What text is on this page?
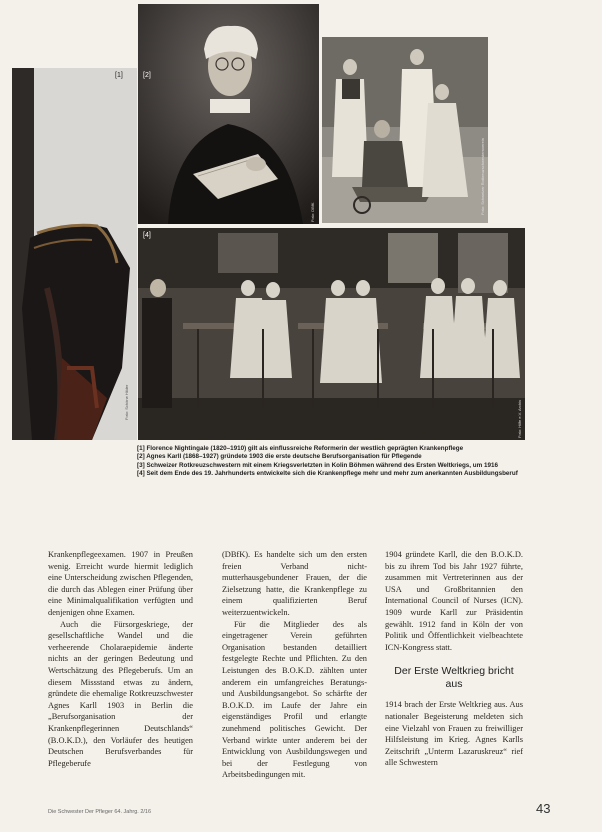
[1]
Foto: Schöne Hilder
[2]
Foto: DBfK	Foto: Schweizer Rotkreuzschwesternverein
[4]
Foto: Hilfe e.V. Archiv

[1] Florence Nightingale (1820–1910) gilt als einflussreiche Reformerin der westlich geprägten Krankenpflege

[2] Agnes Karll (1868–1927) gründete 1903 die erste deutsche Berufsorganisation für Pflegende

[3] Schweizer Rotkreuzschwestern mit einem Kriegsverletzten in Kolin Böhmen während des Ersten Weltkriegs, um 1916

[4] Seit dem Ende des 19. Jahrhunderts entwickelte sich die Krankenpflege mehr und mehr zum anerkannten Ausbildungsberuf

Krankenpflegeexamen. 1907 in Preußen wenig. Erreicht wurde hiermit lediglich eine Unterscheidung zwischen Pflegenden, die durch das Ablegen einer Prüfung über eine Minimalqualifikation verfügten und denjenigen ohne Examen.

Auch die Fürsorgeskriege, der gesellschaftliche Wandel und die verheerende Cholaraepidemie änderte nichts an der geringen Bedeutung und Wertschätzung des Pflegeberufs. Um an diesem Missstand etwas zu ändern, gründete die ehemalige Rotkreuzschwester Agnes Karll 1903 in Berlin die „Berufsorganisation der Krankenpflegerinnen Deutschlands“ (B.O.K.D.), den Vorläufer des heutigen Deutschen Berufsverbandes für Pflegeberufe

(DBfK). Es handelte sich um den ersten freien Verband nicht-mutterhausgebundener Frauen, der die Zielsetzung hatte, die Krankenpflege zu einem qualifizierten Beruf weiterzuentwickeln.

Für die Mitglieder des als eingetragener Verein geführten Organisation bestanden detailliert festgelegte Rechte und Pflichten. Zu den Leistungen des B.O.K.D. zählten unter anderem ein umfangreiches Beratungs- und Ausbildungsangebot. So schärfte der B.O.K.D. im Laufe der Jahre ein eigenständiges Profil und erlangte zunehmend politisches Gewicht. Der Verband wirkte unter anderem bei der Entwicklung von Ausbildungswegen und bei der Festlegung von Arbeitsbedingungen mit.

1904 gründete Karll, die den B.O.K.D. bis zu ihrem Tod bis Jahr 1927 führte, zusammen mit Vertreterinnen aus der USA und Großbritannien den International Council of Nurses (ICN). 1909 wurde Karll zur Präsidentin gewählt. 1912 fand in Köln der von Politik und Öffentlichkeit vielbeachtete ICN-Kongress statt.

Der Erste Weltkrieg bricht aus

1914 brach der Erste Weltkrieg aus. Aus nationaler Begeisterung meldeten sich eine Vielzahl von Frauen zu freiwilliger Hilfsleistung im Krieg. Agnes Karlls Zeitschrift „Unterm Lazaruskreuz“ rief alle Schwestern

Die Schwester Der Pfleger 64. Jahrg. 2/16	43
